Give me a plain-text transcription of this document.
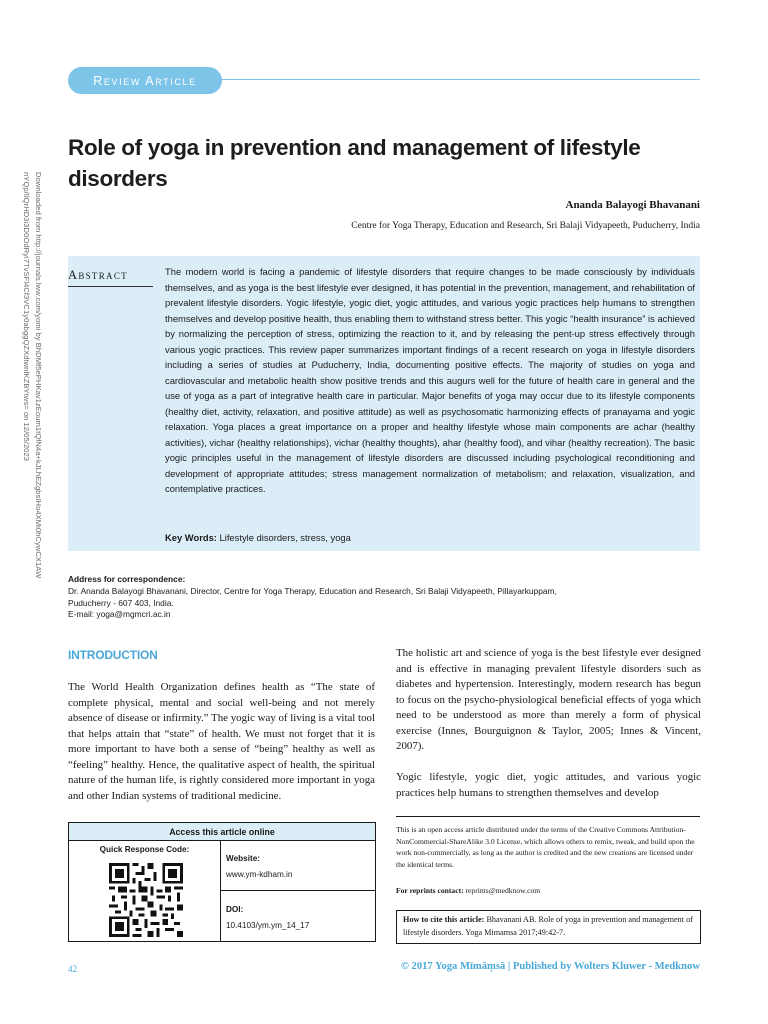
Downloaded from http://journals.lww.com/yomi by BhDMf5ePHKav1zEoum1tQfN4a+kJLhEZgbsIHo4XMi0hCywCX1AW
nYQp/IlQrHD3i3D0OdRyi7TvSFl4Cf3VC1y0abggQZXdtwnfKZBYtws= on 12/05/2023
Review Article
Role of yoga in prevention and management of lifestyle disorders
Ananda Balayogi Bhavanani
Centre for Yoga Therapy, Education and Research, Sri Balaji Vidyapeeth, Puducherry, India
Abstract	The modern world is facing a pandemic of lifestyle disorders that require changes to be made consciously by individuals themselves, and as yoga is the best lifestyle ever designed, it has potential in the prevention, management, and rehabilitation of prevalent lifestyle disorders. Yogic lifestyle, yogic diet, yogic attitudes, and various yogic practices help humans to strengthen themselves and develop positive health, thus enabling them to withstand stress better. This yogic “health insurance” is achieved by normalizing the perception of stress, optimizing the reaction to it, and by releasing the pent-up stress effectively through various yogic practices. This review paper summarizes important findings of a recent research on yoga in lifestyle disorders including a series of studies at Puducherry, India, documenting positive effects. The majority of studies on yoga and cardiovascular and metabolic health show positive trends and this augurs well for the future of health care in general and the use of yoga as a part of integrative health care in particular. Major benefits of yoga may occur due to its lifestyle components (healthy diet, activity, relaxation, and positive attitude) as well as psychosomatic harmonizing effects of pranayama and yogic relaxation. Yoga places a great importance on a proper and healthy lifestyle whose main components are achar (healthy activities), vichar (healthy relationships), vichar (healthy thoughts), ahar (healthy food), and vihar (healthy recreation). The basic yogic principles useful in the management of lifestyle disorders are discussed including psychological reconditioning and development of appropriate attitudes; stress management normalization of metabolism; and relaxation, visualization, and contemplative practices.

Key Words: Lifestyle disorders, stress, yoga
Address for correspondence:
Dr. Ananda Balayogi Bhavanani, Director, Centre for Yoga Therapy, Education and Research, Sri Balaji Vidyapeeth, Pillayarkuppam,
Puducherry - 607 403, India.
E-mail: yoga@mgmcri.ac.in
INTRODUCTION

The World Health Organization defines health as “The state of complete physical, mental and social well-being and not merely absence of disease or infirmity.” The yogic way of living is a vital tool that helps attain that “state” of health. We must not forget that it is more important to have both a sense of “being” healthy as well as “feeling” healthy. Hence, the qualitative aspect of health, the spiritual nature of the human life, is rightly considered more important in yoga and other Indian systems of traditional medicine.

The holistic art and science of yoga is the best lifestyle ever designed and is effective in managing prevalent lifestyle disorders such as diabetes and hypertension. Interestingly, modern research has begun to focus on the psycho-physiological beneficial effects of yoga which need to be understood as more than merely a form of physical exercise (Innes, Bourguignon & Taylor, 2005; Innes & Vincent, 2007).

Yogic lifestyle, yogic diet, yogic attitudes, and various yogic practices help humans to strengthen themselves and develop

Access this article online
Quick Response Code:
Website:
www.ym-kdham.in
DOI:
10.4103/ym.ym_14_17

This is an open access article distributed under the terms of the Creative Commons Attribution-NonCommercial-ShareAlike 3.0 License, which allows others to remix, tweak, and build upon the work non-commercially, as long as the author is credited and the new creations are licensed under the identical terms.

For reprints contact: reprints@medknow.com
How to cite this article: Bhavanani AB. Role of yoga in prevention and management of lifestyle disorders. Yoga Mimamsa 2017;49:42-7.
42	© 2017 Yoga Mīmāṃsā | Published by Wolters Kluwer - Medknow
